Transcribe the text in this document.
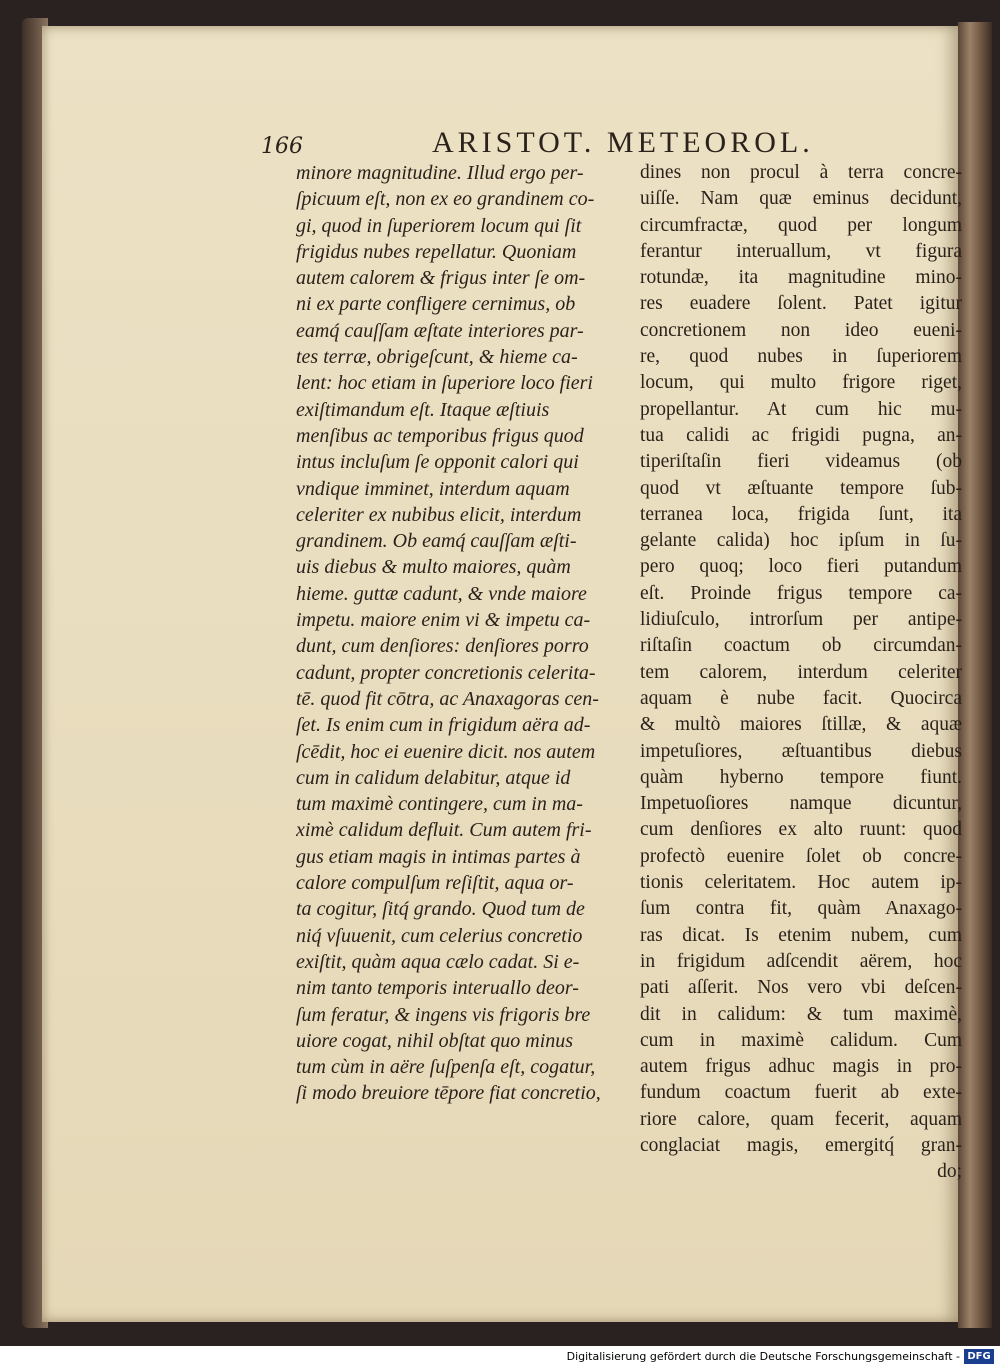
166	ARISTOT. METEOROL.
minore magnitudine. Illud ergo per-
ſpicuum eſt, non ex eo grandinem co-
gi, quod in ſuperiorem locum qui ſit
frigidus nubes repellatur. Quoniam
autem calorem & frigus inter ſe om-
ni ex parte confligere cernimus, ob
eamq́ cauſſam æſtate interiores par-
tes terræ, obrigeſcunt, & hieme ca-
lent: hoc etiam in ſuperiore loco fieri
exiſtimandum eſt. Itaque æſtiuis
menſibus ac temporibus frigus quod
intus incluſum ſe opponit calori qui
vndique imminet, interdum aquam
celeriter ex nubibus elicit, interdum
grandinem. Ob eamq́ cauſſam æſti-
uis diebus & multo maiores, quàm
hieme. guttæ cadunt, & vnde maiore
impetu. maiore enim vi & impetu ca-
dunt, cum denſiores: denſiores porro
cadunt, propter concretionis celerita-
tē. quod fit cōtra, ac Anaxagoras cen-
ſet. Is enim cum in frigidum aëra ad-
ſcēdit, hoc ei euenire dicit. nos autem
cum in calidum delabitur, atque id
tum maximè contingere, cum in ma-
ximè calidum defluit. Cum autem fri-
gus etiam magis in intimas partes à
calore compulſum reſiſtit, aqua or-
ta cogitur, ſitq́ grando. Quod tum de
niq́ vſuuenit, cum celerius concretio
exiſtit, quàm aqua cælo cadat. Si e-
nim tanto temporis interuallo deor-
ſum feratur, & ingens vis frigoris bre
uiore cogat, nihil obſtat quo minus
tum cùm in aëre ſuſpenſa eſt, cogatur,
ſi modo breuiore tēpore fiat concretio,
dines non procul à terra concre-
uiſſe. Nam quæ eminus decidunt,
circumfractæ, quod per longum
ferantur interuallum, vt figura
rotundæ, ita magnitudine mino-
res euadere ſolent. Patet igitur
concretionem non ideo eueni-
re, quod nubes in ſuperiorem
locum, qui multo frigore riget,
propellantur. At cum hic mu-
tua calidi ac frigidi pugna, an-
tiperiſtaſin fieri videamus (ob
quod vt æſtuante tempore ſub-
terranea loca, frigida ſunt, ita
gelante calida) hoc ipſum in ſu-
pero quoq; loco fieri putandum
eſt. Proinde frigus tempore ca-
lidiuſculo, introrſum per antipe-
riſtaſin coactum ob circumdan-
tem calorem, interdum celeriter
aquam è nube facit. Quocirca
& multò maiores ſtillæ, & aquæ
impetuſiores, æſtuantibus diebus
quàm hyberno tempore fiunt.
Impetuoſiores namque dicuntur,
cum denſiores ex alto ruunt: quod
profectò euenire ſolet ob concre-
tionis celeritatem. Hoc autem ip-
ſum contra fit, quàm Anaxago-
ras dicat. Is etenim nubem, cum
in frigidum adſcendit aërem, hoc
pati aſſerit. Nos vero vbi deſcen-
dit in calidum: & tum maximè,
cum in maximè calidum. Cum
autem frigus adhuc magis in pro-
fundum coactum fuerit ab exte-
riore calore, quam fecerit, aquam
conglaciat magis, emergitq́ gran-
do;
Digitalisierung gefördert durch die Deutsche Forschungsgemeinschaft - DFG
